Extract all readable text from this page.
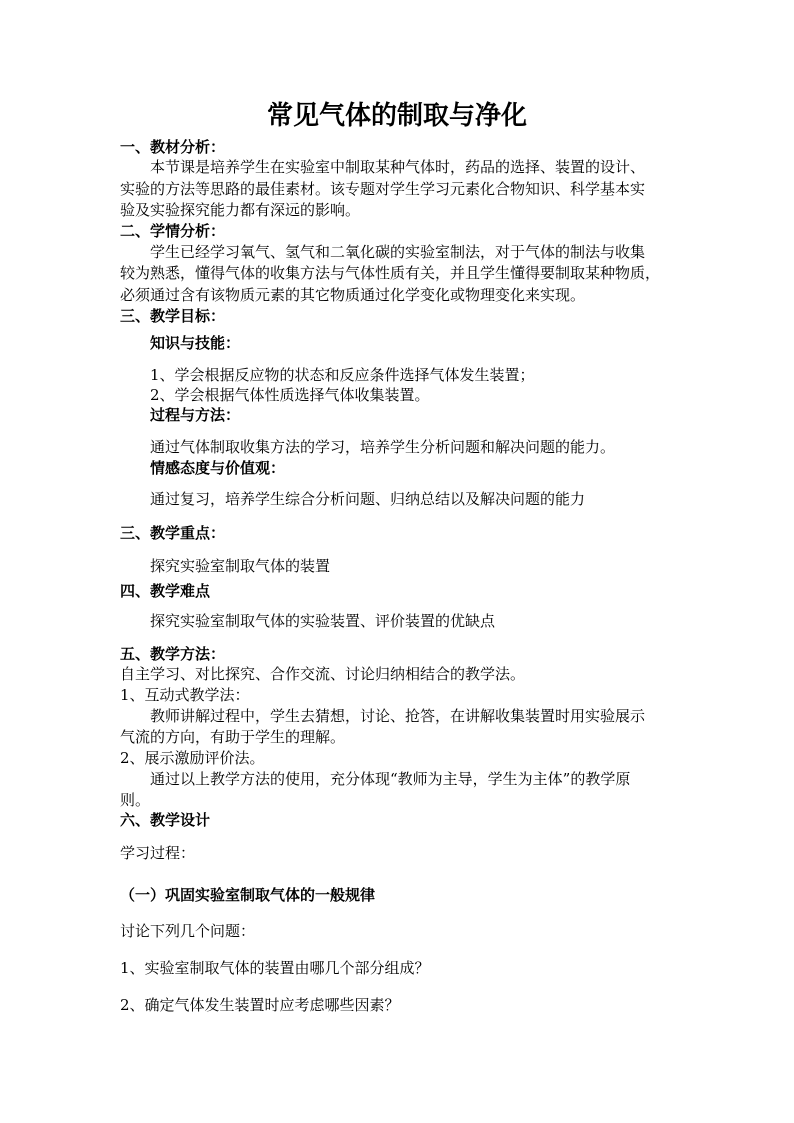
常见气体的制取与净化
一、教材分析：
本节课是培养学生在实验室中制取某种气体时，药品的选择、装置的设计、
实验的方法等思路的最佳素材。该专题对学生学习元素化合物知识、科学基本实
验及实验探究能力都有深远的影响。
二、学情分析：
学生已经学习氧气、氢气和二氧化碳的实验室制法，对于气体的制法与收集
较为熟悉，懂得气体的收集方法与气体性质有关，并且学生懂得要制取某种物质，
必须通过含有该物质元素的其它物质通过化学变化或物理变化来实现。
三、教学目标：
知识与技能：
1、学会根据反应物的状态和反应条件选择气体发生装置；
2、学会根据气体性质选择气体收集装置。
过程与方法：
通过气体制取收集方法的学习，培养学生分析问题和解决问题的能力。
情感态度与价值观：
通过复习，培养学生综合分析问题、归纳总结以及解决问题的能力
三、教学重点：
探究实验室制取气体的装置
四、教学难点
探究实验室制取气体的实验装置、评价装置的优缺点
五、教学方法：
自主学习、对比探究、合作交流、讨论归纳相结合的教学法。
1、互动式教学法：
教师讲解过程中，学生去猜想，讨论、抢答，在讲解收集装置时用实验展示
气流的方向，有助于学生的理解。
2、展示激励评价法。
通过以上教学方法的使用，充分体现“教师为主导，学生为主体”的教学原
则。
六、教学设计
学习过程：
（一）巩固实验室制取气体的一般规律
讨论下列几个问题：
1、实验室制取气体的装置由哪几个部分组成？
2、确定气体发生装置时应考虑哪些因素？
